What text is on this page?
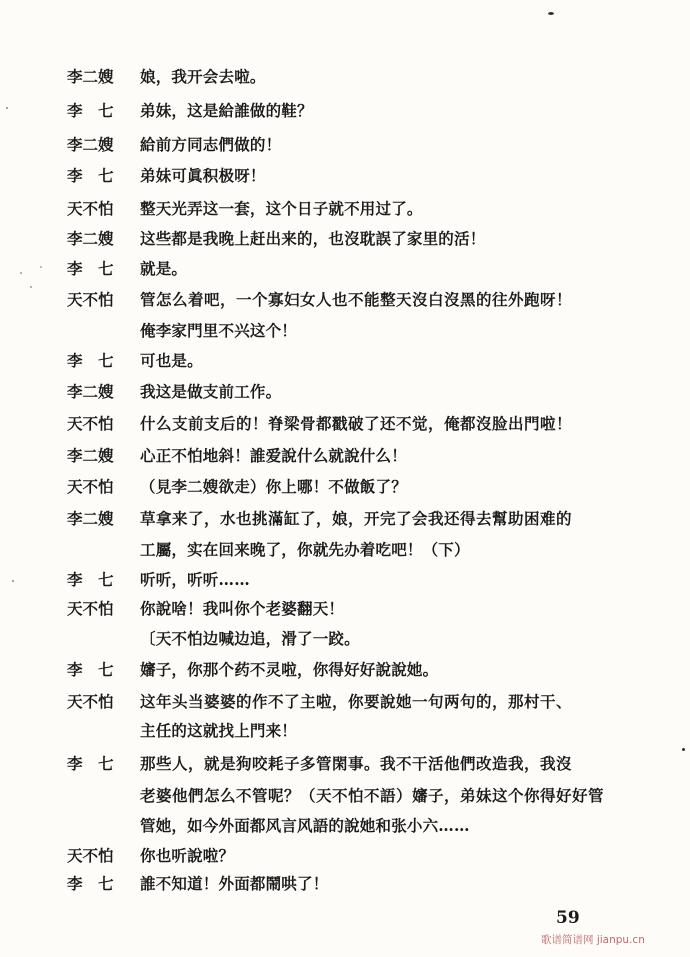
李二嫂	娘，我开会去啦。
李　七	弟妹，这是給誰做的鞋？
李二嫂	給前方同志們做的！
李　七	弟妹可眞积极呀！
天不怕	整天光弄这一套，这个日子就不用过了。
李二嫂	这些都是我晚上赶出来的，也沒耽誤了家里的活！
李　七	就是。
天不怕	管怎么着吧，一个寡妇女人也不能整天沒白沒黑的往外跑呀！
俺李家門里不兴这个！
李　七	可也是。
李二嫂	我这是做支前工作。
天不怕	什么支前支后的！脊梁骨都戳破了还不觉，俺都沒脸出門啦！
李二嫂	心正不怕地斜！誰爱說什么就說什么！
天不怕	（見李二嫂欲走）你上哪！不做飯了？
李二嫂	草拿来了，水也挑滿缸了，娘，开完了会我还得去幫助困难的
工屬，实在回来晚了，你就先办着吃吧！（下）
李　七	听听，听听……
天不怕	你說啥！我叫你个老婆翻天！
〔天不怕边喊边追，滑了一跤。
李　七	嬸子，你那个药不灵啦，你得好好說說她。
天不怕	这年头当婆婆的作不了主啦，你要說她一句两句的，那村干、
主任的这就找上門来！
李　七	那些人，就是狗咬耗子多管閑事。我不干活他們改造我，我沒
老婆他們怎么不管呢？（天不怕不語）嬸子，弟妹这个你得好好管
管她，如今外面都风言风語的說她和张小六……
天不怕	你也听說啦？
李　七	誰不知道！外面都鬧哄了！
59
歌谱简谱网 jianpu.cn
